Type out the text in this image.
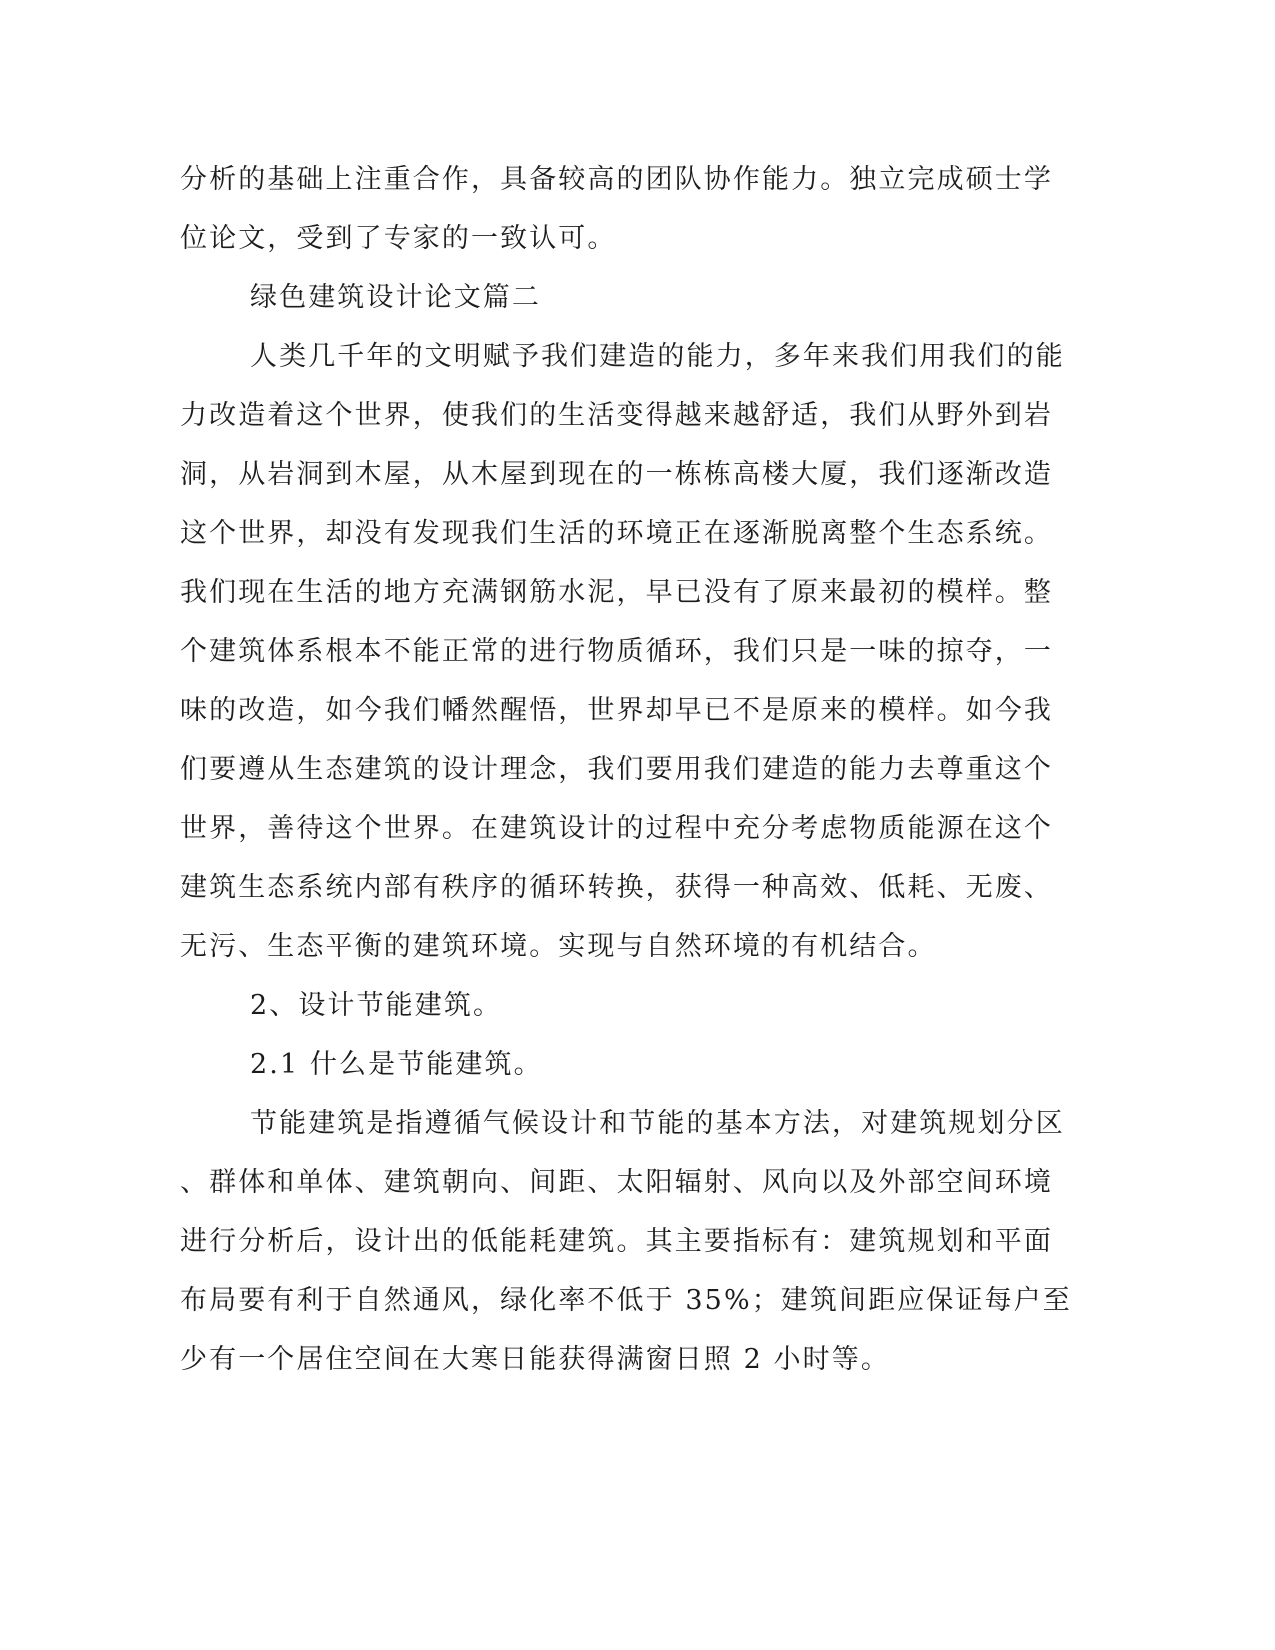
分析的基础上注重合作，具备较高的团队协作能力。独立完成硕士学

位论文，受到了专家的一致认可。

绿色建筑设计论文篇二

人类几千年的文明赋予我们建造的能力，多年来我们用我们的能

力改造着这个世界，使我们的生活变得越来越舒适，我们从野外到岩

洞，从岩洞到木屋，从木屋到现在的一栋栋高楼大厦，我们逐渐改造

这个世界，却没有发现我们生活的环境正在逐渐脱离整个生态系统。

我们现在生活的地方充满钢筋水泥，早已没有了原来最初的模样。整

个建筑体系根本不能正常的进行物质循环，我们只是一味的掠夺，一

味的改造，如今我们幡然醒悟，世界却早已不是原来的模样。如今我

们要遵从生态建筑的设计理念，我们要用我们建造的能力去尊重这个

世界，善待这个世界。在建筑设计的过程中充分考虑物质能源在这个

建筑生态系统内部有秩序的循环转换，获得一种高效、低耗、无废、

无污、生态平衡的建筑环境。实现与自然环境的有机结合。

2、设计节能建筑。

2.1 什么是节能建筑。

节能建筑是指遵循气候设计和节能的基本方法，对建筑规划分区

、群体和单体、建筑朝向、间距、太阳辐射、风向以及外部空间环境

进行分析后，设计出的低能耗建筑。其主要指标有：建筑规划和平面

布局要有利于自然通风，绿化率不低于 35%；建筑间距应保证每户至

少有一个居住空间在大寒日能获得满窗日照 2 小时等。
